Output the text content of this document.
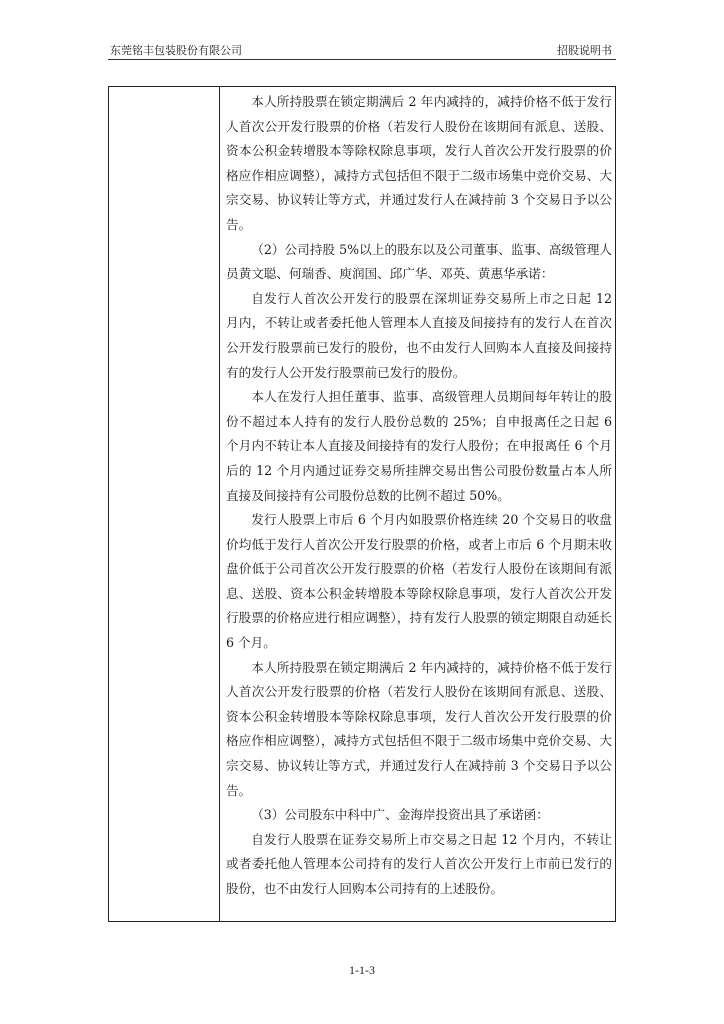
东莞铭丰包装股份有限公司	招股说明书

本人所持股票在锁定期满后 2 年内减持的，减持价格不低于发行人首次公开发行股票的价格（若发行人股份在该期间有派息、送股、资本公积金转增股本等除权除息事项，发行人首次公开发行股票的价格应作相应调整），减持方式包括但不限于二级市场集中竞价交易、大宗交易、协议转让等方式，并通过发行人在减持前 3 个交易日予以公告。

（2）公司持股 5%以上的股东以及公司董事、监事、高级管理人员黄文聪、何瑞香、庾润国、邱广华、邓英、黄惠华承诺：

自发行人首次公开发行的股票在深圳证券交易所上市之日起 12 月内，不转让或者委托他人管理本人直接及间接持有的发行人在首次公开发行股票前已发行的股份，也不由发行人回购本人直接及间接持有的发行人公开发行股票前已发行的股份。

本人在发行人担任董事、监事、高级管理人员期间每年转让的股份不超过本人持有的发行人股份总数的 25%；自申报离任之日起 6 个月内不转让本人直接及间接持有的发行人股份；在申报离任 6 个月后的 12 个月内通过证券交易所挂牌交易出售公司股份数量占本人所直接及间接持有公司股份总数的比例不超过 50%。

发行人股票上市后 6 个月内如股票价格连续 20 个交易日的收盘价均低于发行人首次公开发行股票的价格，或者上市后 6 个月期末收盘价低于公司首次公开发行股票的价格（若发行人股份在该期间有派息、送股、资本公积金转增股本等除权除息事项，发行人首次公开发行股票的价格应进行相应调整），持有发行人股票的锁定期限自动延长 6 个月。

本人所持股票在锁定期满后 2 年内减持的，减持价格不低于发行人首次公开发行股票的价格（若发行人股份在该期间有派息、送股、资本公积金转增股本等除权除息事项，发行人首次公开发行股票的价格应作相应调整），减持方式包括但不限于二级市场集中竞价交易、大宗交易、协议转让等方式，并通过发行人在减持前 3 个交易日予以公告。

（3）公司股东中科中广、金海岸投资出具了承诺函：

自发行人股票在证券交易所上市交易之日起 12 个月内，不转让或者委托他人管理本公司持有的发行人首次公开发行上市前已发行的股份，也不由发行人回购本公司持有的上述股份。

1-1-3
